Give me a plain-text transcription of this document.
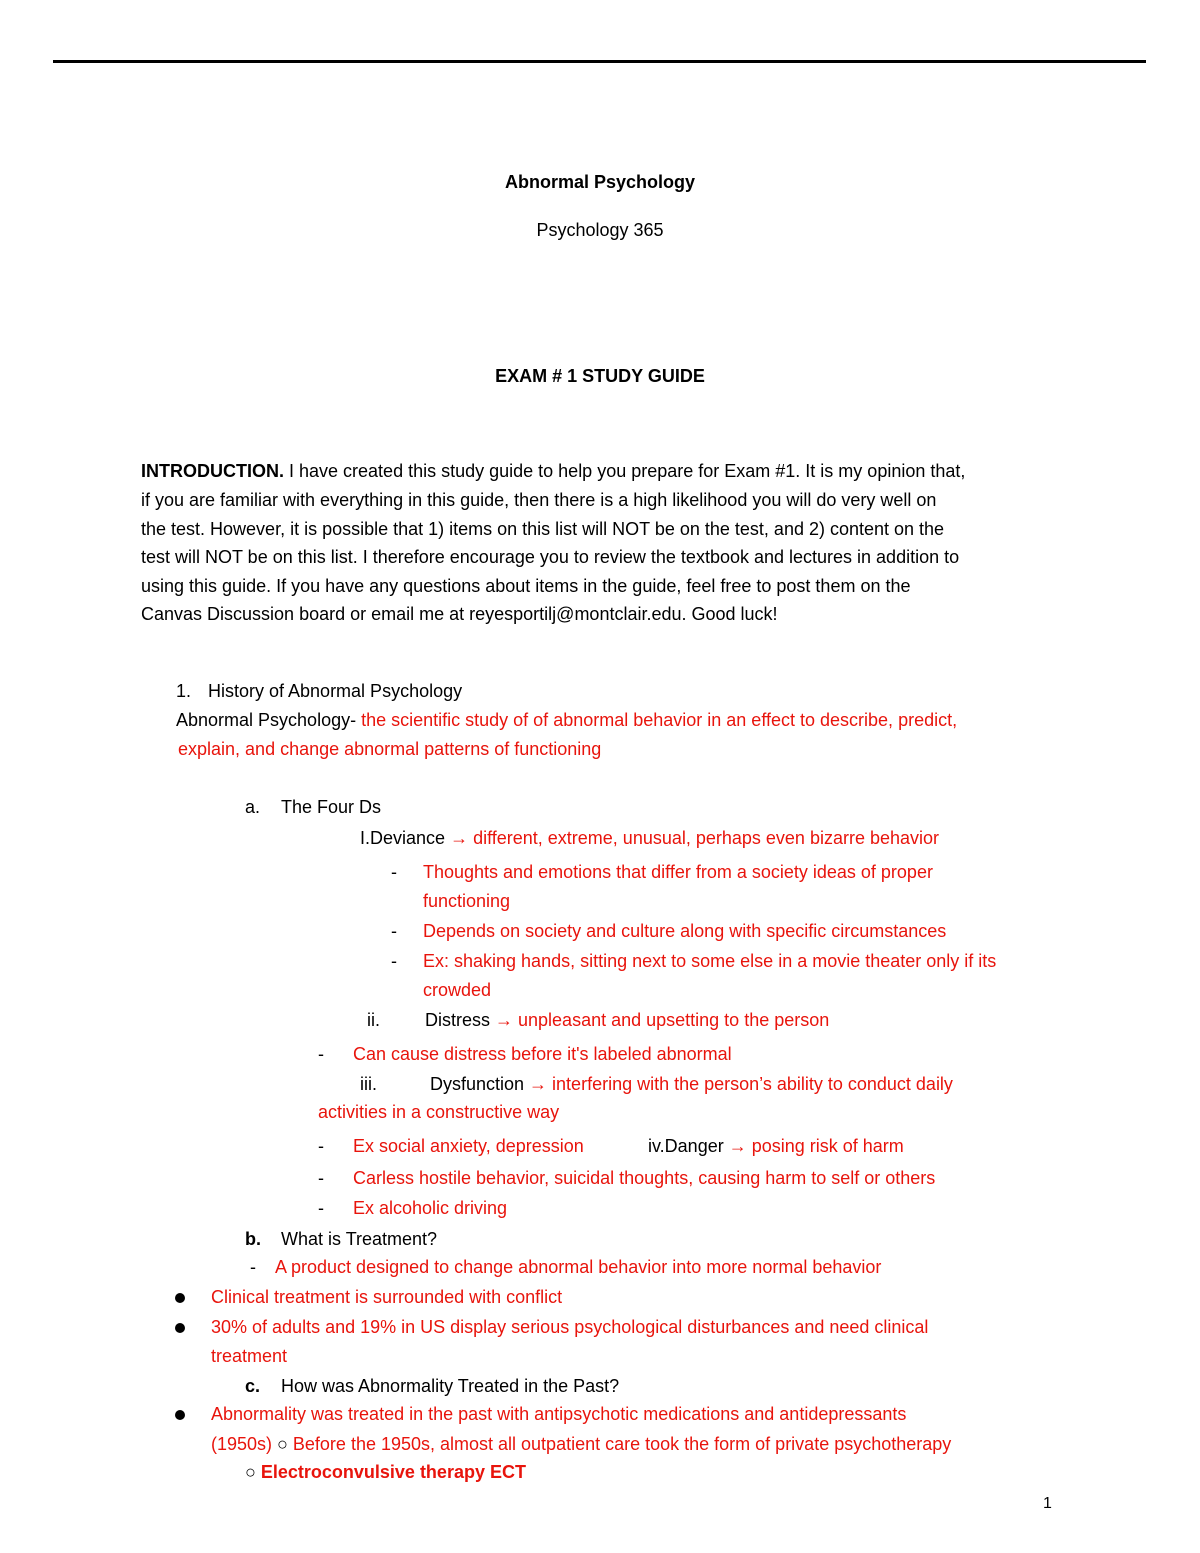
Abnormal Psychology
Psychology 365
EXAM # 1 STUDY GUIDE
INTRODUCTION. I have created this study guide to help you prepare for Exam #1. It is my opinion that,
if you are familiar with everything in this guide, then there is a high likelihood you will do very well on
the test. However, it is possible that 1) items on this list will NOT be on the test, and 2) content on the
test will NOT be on this list. I therefore encourage you to review the textbook and lectures in addition to
using this guide. If you have any questions about items in the guide, feel free to post them on the
Canvas Discussion board or email me at reyesportilj@montclair.edu. Good luck!
1. History of Abnormal Psychology
Abnormal Psychology- the scientific study of of abnormal behavior in an effect to describe, predict,
explain, and change abnormal patterns of functioning
a. The Four Ds
I.Deviance → different, extreme, unusual, perhaps even bizarre behavior
- Thoughts and emotions that differ from a society ideas of proper
functioning
- Depends on society and culture along with specific circumstances
- Ex: shaking hands, sitting next to some else in a movie theater only if its
crowded
ii.	Distress → unpleasant and upsetting to the person
- Can cause distress before it's labeled abnormal
iii.	Dysfunction → interfering with the person’s ability to conduct daily
activities in a constructive way
- Ex social anxiety, depression	iv.Danger → posing risk of harm
- Carless hostile behavior, suicidal thoughts, causing harm to self or others
- Ex alcoholic driving
b. What is Treatment?
- A product designed to change abnormal behavior into more normal behavior
Clinical treatment is surrounded with conflict
30% of adults and 19% in US display serious psychological disturbances and need clinical
treatment
c. How was Abnormality Treated in the Past?
Abnormality was treated in the past with antipsychotic medications and antidepressants
(1950s) ○ Before the 1950s, almost all outpatient care took the form of private psychotherapy
○ Electroconvulsive therapy ECT
1
